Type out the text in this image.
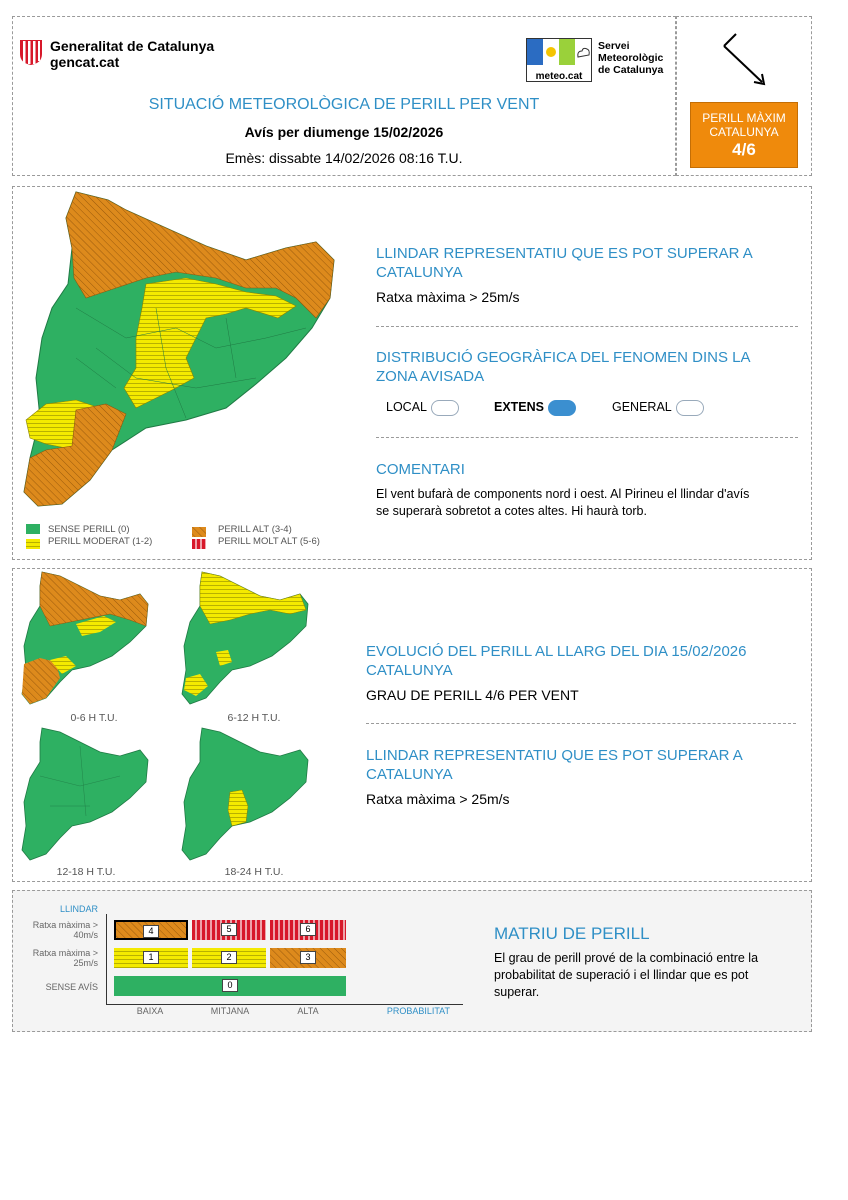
Generalitat de Catalunya
gencat.cat
meteo.cat
Servei
Meteorològic
de Catalunya
SITUACIÓ METEOROLÒGICA DE PERILL PER VENT
Avís per diumenge 15/02/2026
Emès: dissabte 14/02/2026 08:16 T.U.
PERILL MÀXIM
CATALUNYA
4/6
SENSE PERILL (0)
PERILL MODERAT (1-2)
PERILL ALT (3-4)
PERILL MOLT ALT (5-6)
LLINDAR REPRESENTATIU QUE ES POT SUPERAR A CATALUNYA
Ratxa màxima > 25m/s
DISTRIBUCIÓ GEOGRÀFICA DEL FENOMEN DINS LA ZONA AVISADA
LOCAL	EXTENS	GENERAL
COMENTARI
El vent bufarà de components nord i oest. Al Pirineu el llindar d'avís se superarà sobretot a cotes altes. Hi haurà torb.
0-6 H T.U.	6-12 H T.U.
12-18 H T.U.	18-24 H T.U.
EVOLUCIÓ DEL PERILL AL LLARG DEL DIA 15/02/2026 CATALUNYA
GRAU DE PERILL 4/6 PER VENT
LLINDAR REPRESENTATIU QUE ES POT SUPERAR A CATALUNYA
Ratxa màxima > 25m/s
LLINDAR
Ratxa màxima > 40m/s
Ratxa màxima > 25m/s
SENSE AVÍS
4	5	6
1	2	3
0
BAIXA	MITJANA	ALTA	PROBABILITAT
MATRIU DE PERILL
El grau de perill prové de la combinació entre la probabilitat de superació i el llindar que es pot superar.
